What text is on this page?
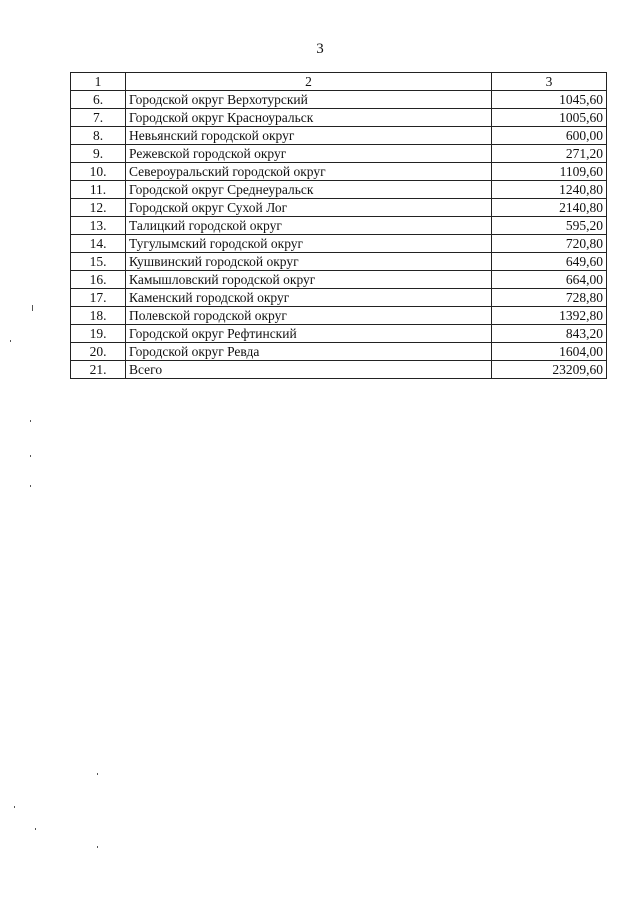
3
1	2	3
6.	Городской округ Верхотурский	1045,60
7.	Городской округ Красноуральск	1005,60
8.	Невьянский городской округ	600,00
9.	Режевской городской округ	271,20
10.	Североуральский городской округ	1109,60
11.	Городской округ Среднеуральск	1240,80
12.	Городской округ Сухой Лог	2140,80
13.	Талицкий городской округ	595,20
14.	Тугулымский городской округ	720,80
15.	Кушвинский городской округ	649,60
16.	Камышловский городской округ	664,00
17.	Каменский городской округ	728,80
18.	Полевской городской округ	1392,80
19.	Городской округ Рефтинский	843,20
20.	Городской округ Ревда	1604,00
21.	Всего	23209,60
